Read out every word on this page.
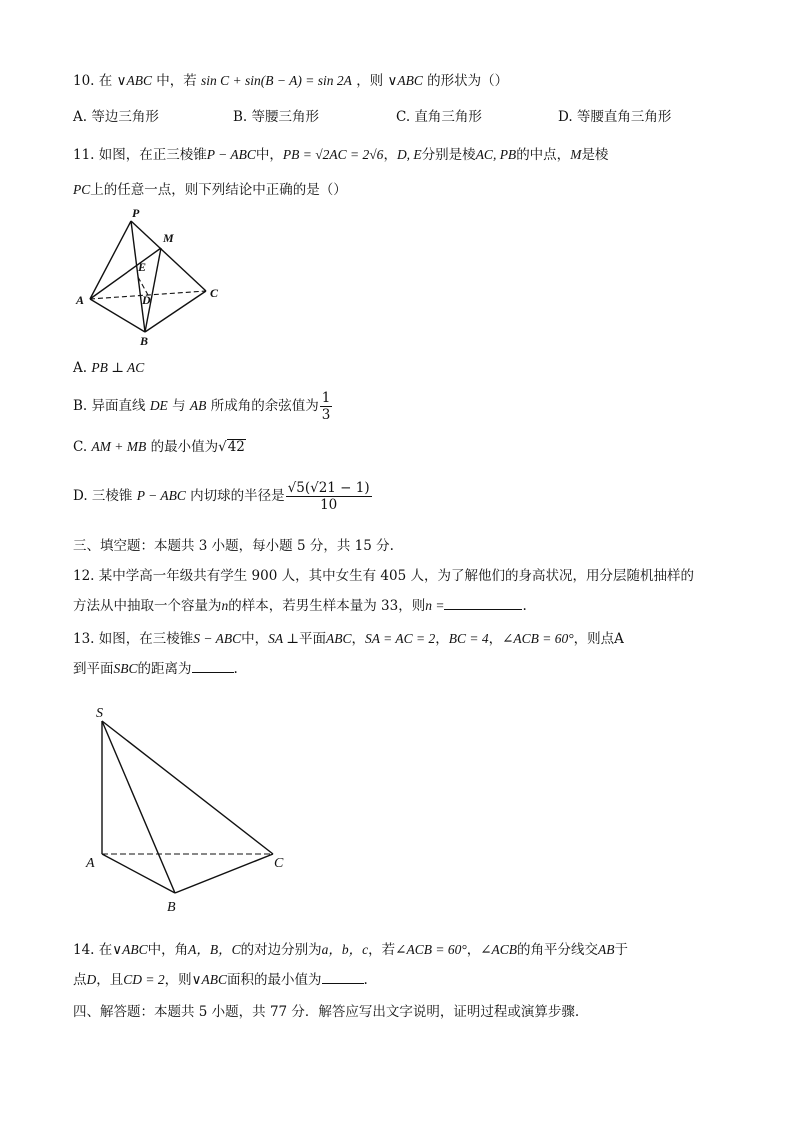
10. 在 ∨ABC 中，若 sin C + sin(B − A) = sin 2A ，则 ∨ABC 的形状为（）
A. 等边三角形	B. 等腰三角形	C. 直角三角形	D. 等腰直角三角形
11. 如图，在正三棱锥P − ABC中，PB = √2AC = 2√6，D, E分别是棱AC, PB的中点，M是棱
PC上的任意一点，则下列结论中正确的是（）
P
M
E
D
A
B
C
A. PB ⊥ AC
B. 异面直线 DE 与 AB 所成角的余弦值为 $\frac{1}{3}$
C. AM + MB 的最小值为√42
D. 三棱锥 P − ABC 内切球的半径是 $\frac{√5(√21 - 1)}{10}$
三、填空题：本题共 3 小题，每小题 5 分，共 15 分.
12. 某中学高一年级共有学生 900 人，其中女生有 405 人，为了解他们的身高状况，用分层随机抽样的
方法从中抽取一个容量为n的样本，若男生样本量为 33，则n =	.
13. 如图，在三棱锥S − ABC中，SA ⊥平面ABC，SA = AC = 2，BC = 4，∠ACB = 60°，则点A
到平面SBC的距离为	.
S
A
B
C
14. 在∨ABC中，角A，B，C的对边分别为a，b，c，若∠ACB = 60°，∠ACB的角平分线交AB于
点D，且CD = 2，则∨ABC面积的最小值为	.
四、解答题：本题共 5 小题，共 77 分．解答应写出文字说明，证明过程或演算步骤.
